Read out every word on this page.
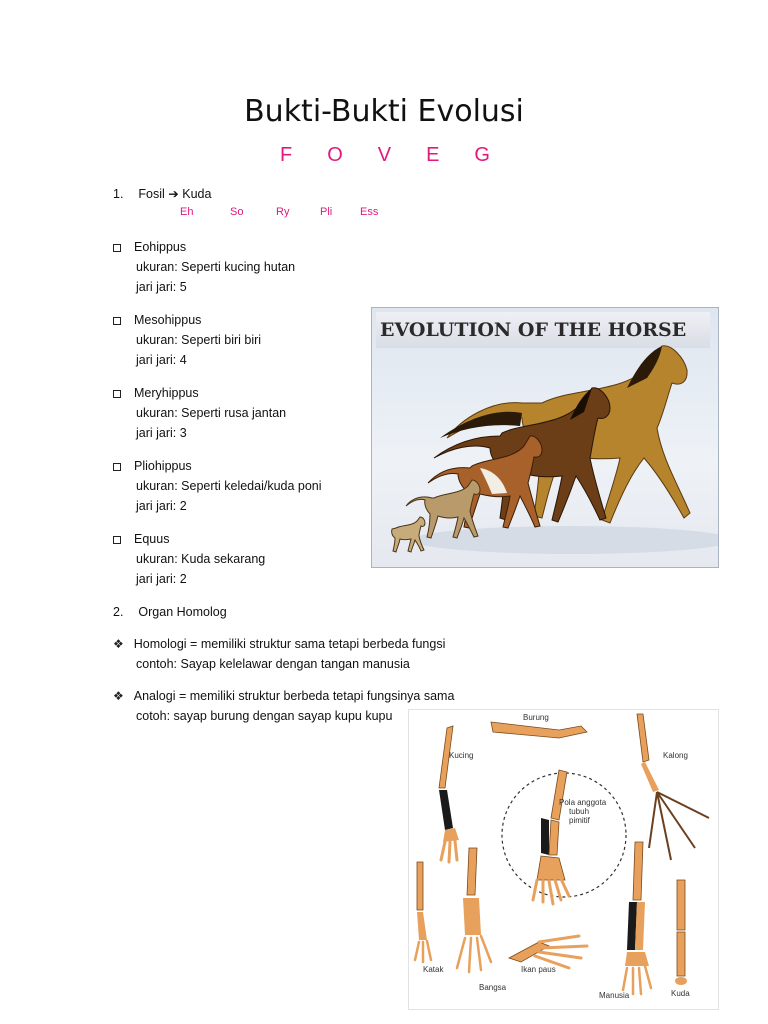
Bukti-Bukti Evolusi
F O V E G
1. Fosil ➔ Kuda
Eh	So	Ry	Pli	Ess
Eohippus
ukuran: Seperti kucing hutan
jari jari: 5
Mesohippus
ukuran: Seperti biri biri
jari jari: 4
Meryhippus
ukuran: Seperti rusa jantan
jari jari: 3
Pliohippus
ukuran: Seperti keledai/kuda poni
jari jari: 2
Equus
ukuran: Kuda sekarang
jari jari: 2
2. Organ Homolog
❖ Homologi = memiliki struktur sama tetapi berbeda fungsi
contoh: Sayap kelelawar dengan tangan manusia
❖ Analogi = memiliki struktur berbeda tetapi fungsinya sama
cotoh: sayap burung dengan sayap kupu kupu
EVOLUTION OF THE HORSE
Burung
Kucing	Kalong
Pola anggota
tubuh
pimitif
Katak	Ikan paus
Bangsa
Manusia	Kuda
